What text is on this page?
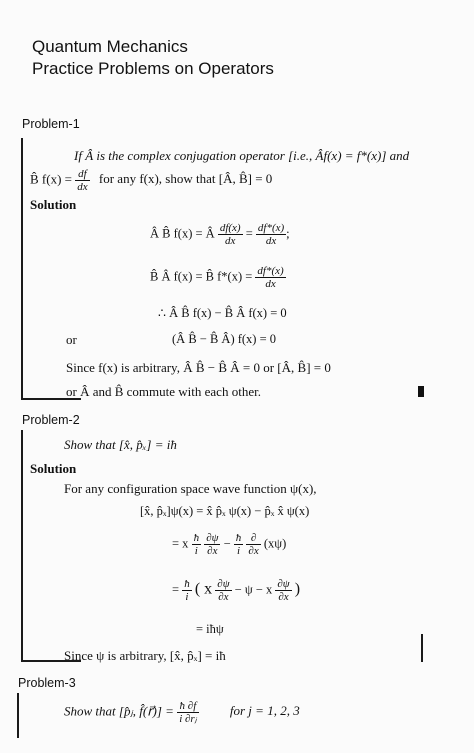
Quantum Mechanics
Practice Problems on Operators
Problem-1
If Â is the complex conjugation operator [i.e., Âf(x) = f*(x)] and
B̂ $f(x) = \frac{df}{dx}$ for any f(x), show that [Â, B̂] = 0
Solution
Â B̂ f(x) = Â $\frac{df(x)}{dx} = \frac{df*(x)}{dx}$ ;
B̂ Â f(x) = B̂ $f*(x) = \frac{df*(x)}{dx}$
∴ Â B̂ f(x) − B̂ Â f(x) = 0
or	(Â B̂ − B̂ Â) f(x) = 0
Since f(x) is arbitrary, Â B̂ − B̂ Â = 0 or [Â, B̂] = 0
or Â and B̂ commute with each other.
Problem-2
Show that [x̂, p̂ₓ] = iħ
Solution
For any configuration space wave function ψ(x),
[x̂, p̂ₓ]ψ(x) = x̂ p̂ₓ ψ(x) − p̂ₓ x̂ ψ(x)
= x $\frac{ħ}{i}$
$\frac{\partial\psi}{\partial x} - \frac{ħ}{i}$
$\frac{\partial}{\partial x} (x\psi)$
= $\frac{ħ}{i}$ ( x $\frac{\partial\psi}{\partial x} - \psi - x \frac{\partial\psi}{\partial x}$ )
= iħψ
Since ψ is arbitrary, [x̂, p̂ₓ] = iħ
Problem-3
Show that [p̂ⱼ, f̂(r⃗)] = $\frac{ħ \partial f}{\text{i ∂rⱼ}}$ for j = 1, 2, 3
